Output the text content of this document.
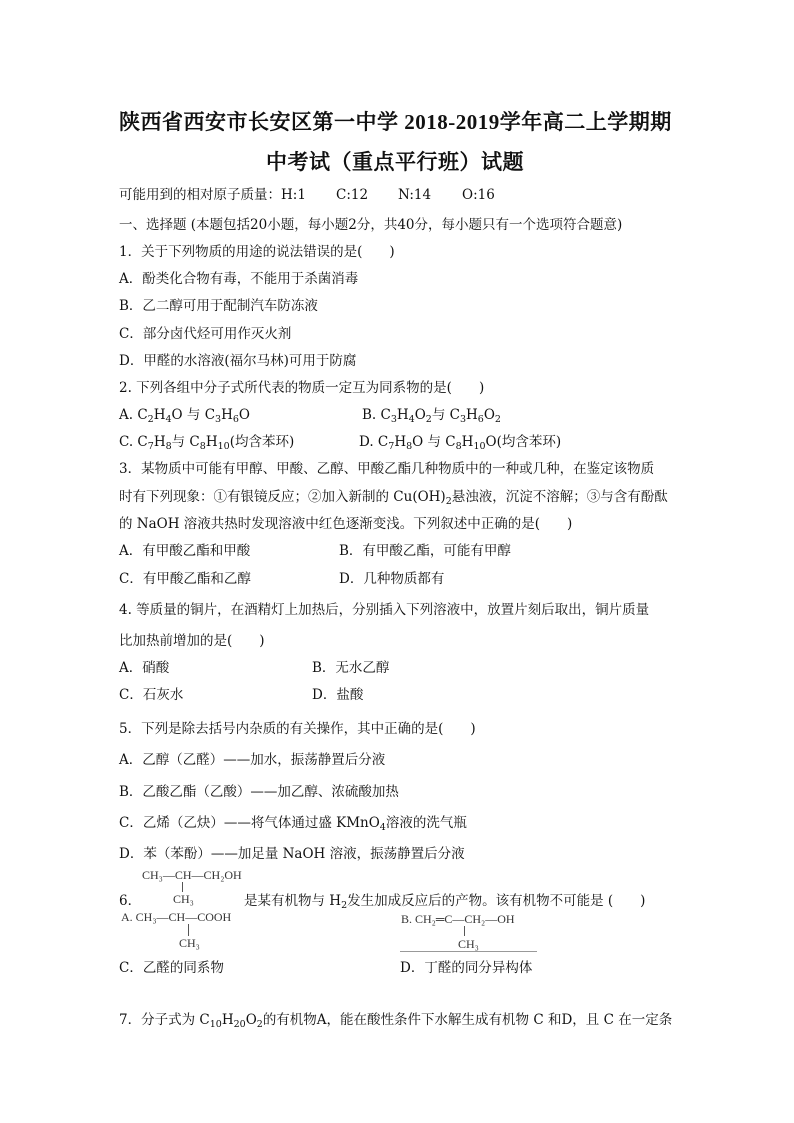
陕西省西安市长安区第一中学 2018-2019学年高二上学期期
中考试（重点平行班）试题
可能用到的相对原子质量：H:1 C:12 N:14 O:16
一、选择题 (本题包括20小题，每小题2分，共40分，每小题只有一个选项符合题意)
1．关于下列物质的用途的说法错误的是(　　)
A．酚类化合物有毒，不能用于杀菌消毒
B．乙二醇可用于配制汽车防冻液
C．部分卤代烃可用作灭火剂
D．甲醛的水溶液(福尔马林)可用于防腐
2. 下列各组中分子式所代表的物质一定互为同系物的是(　　)
A. $C_2H_4O$ 与 $C_3H_6O$	B. $C_3H_4O_2$与 $C_3H_6O_2$
C. $C_7H_8$与 $C_8H_{10}$(均含苯环)	D. $C_7H_8O$ 与 $C_8H_{10}O$(均含苯环)
3．某物质中可能有甲醇、甲酸、乙醇、甲酸乙酯几种物质中的一种或几种，在鉴定该物质
时有下列现象：①有银镜反应；②加入新制的 $Cu(OH)_2$悬浊液，沉淀不溶解；③与含有酚酞
的 NaOH 溶液共热时发现溶液中红色逐渐变浅。下列叙述中正确的是(　　)
A．有甲酸乙酯和甲酸	B．有甲酸乙酯，可能有甲醇
C．有甲酸乙酯和乙醇	D．几种物质都有
4. 等质量的铜片，在酒精灯上加热后，分别插入下列溶液中，放置片刻后取出，铜片质量
比加热前增加的是(　　)
A．硝酸	B．无水乙醇
C．石灰水	D．盐酸
5．下列是除去括号内杂质的有关操作，其中正确的是(　　)
A．乙醇（乙醛）——加水，振荡静置后分液
B．乙酸乙酯（乙酸）——加乙醇、浓硫酸加热
C．乙烯（乙炔）——将气体通过盛 KMnO$_4$溶液的洗气瓶
D．苯（苯酚）——加足量 NaOH 溶液，振荡静置后分液
CH₃—CH—CH₂OH
CH₃
6．	是某有机物与 $H_2$发生加成反应后的产物。该有机物不可能是 (　　)
A. CH₃—CH—COOH
CH₃
B. CH₂═C—CH₂—OH
CH₃
C．乙醛的同系物	D．丁醛的同分异构体
7．分子式为 $C_{10}H_{20}O_2$的有机物A，能在酸性条件下水解生成有机物 C 和D，且 C 在一定条
